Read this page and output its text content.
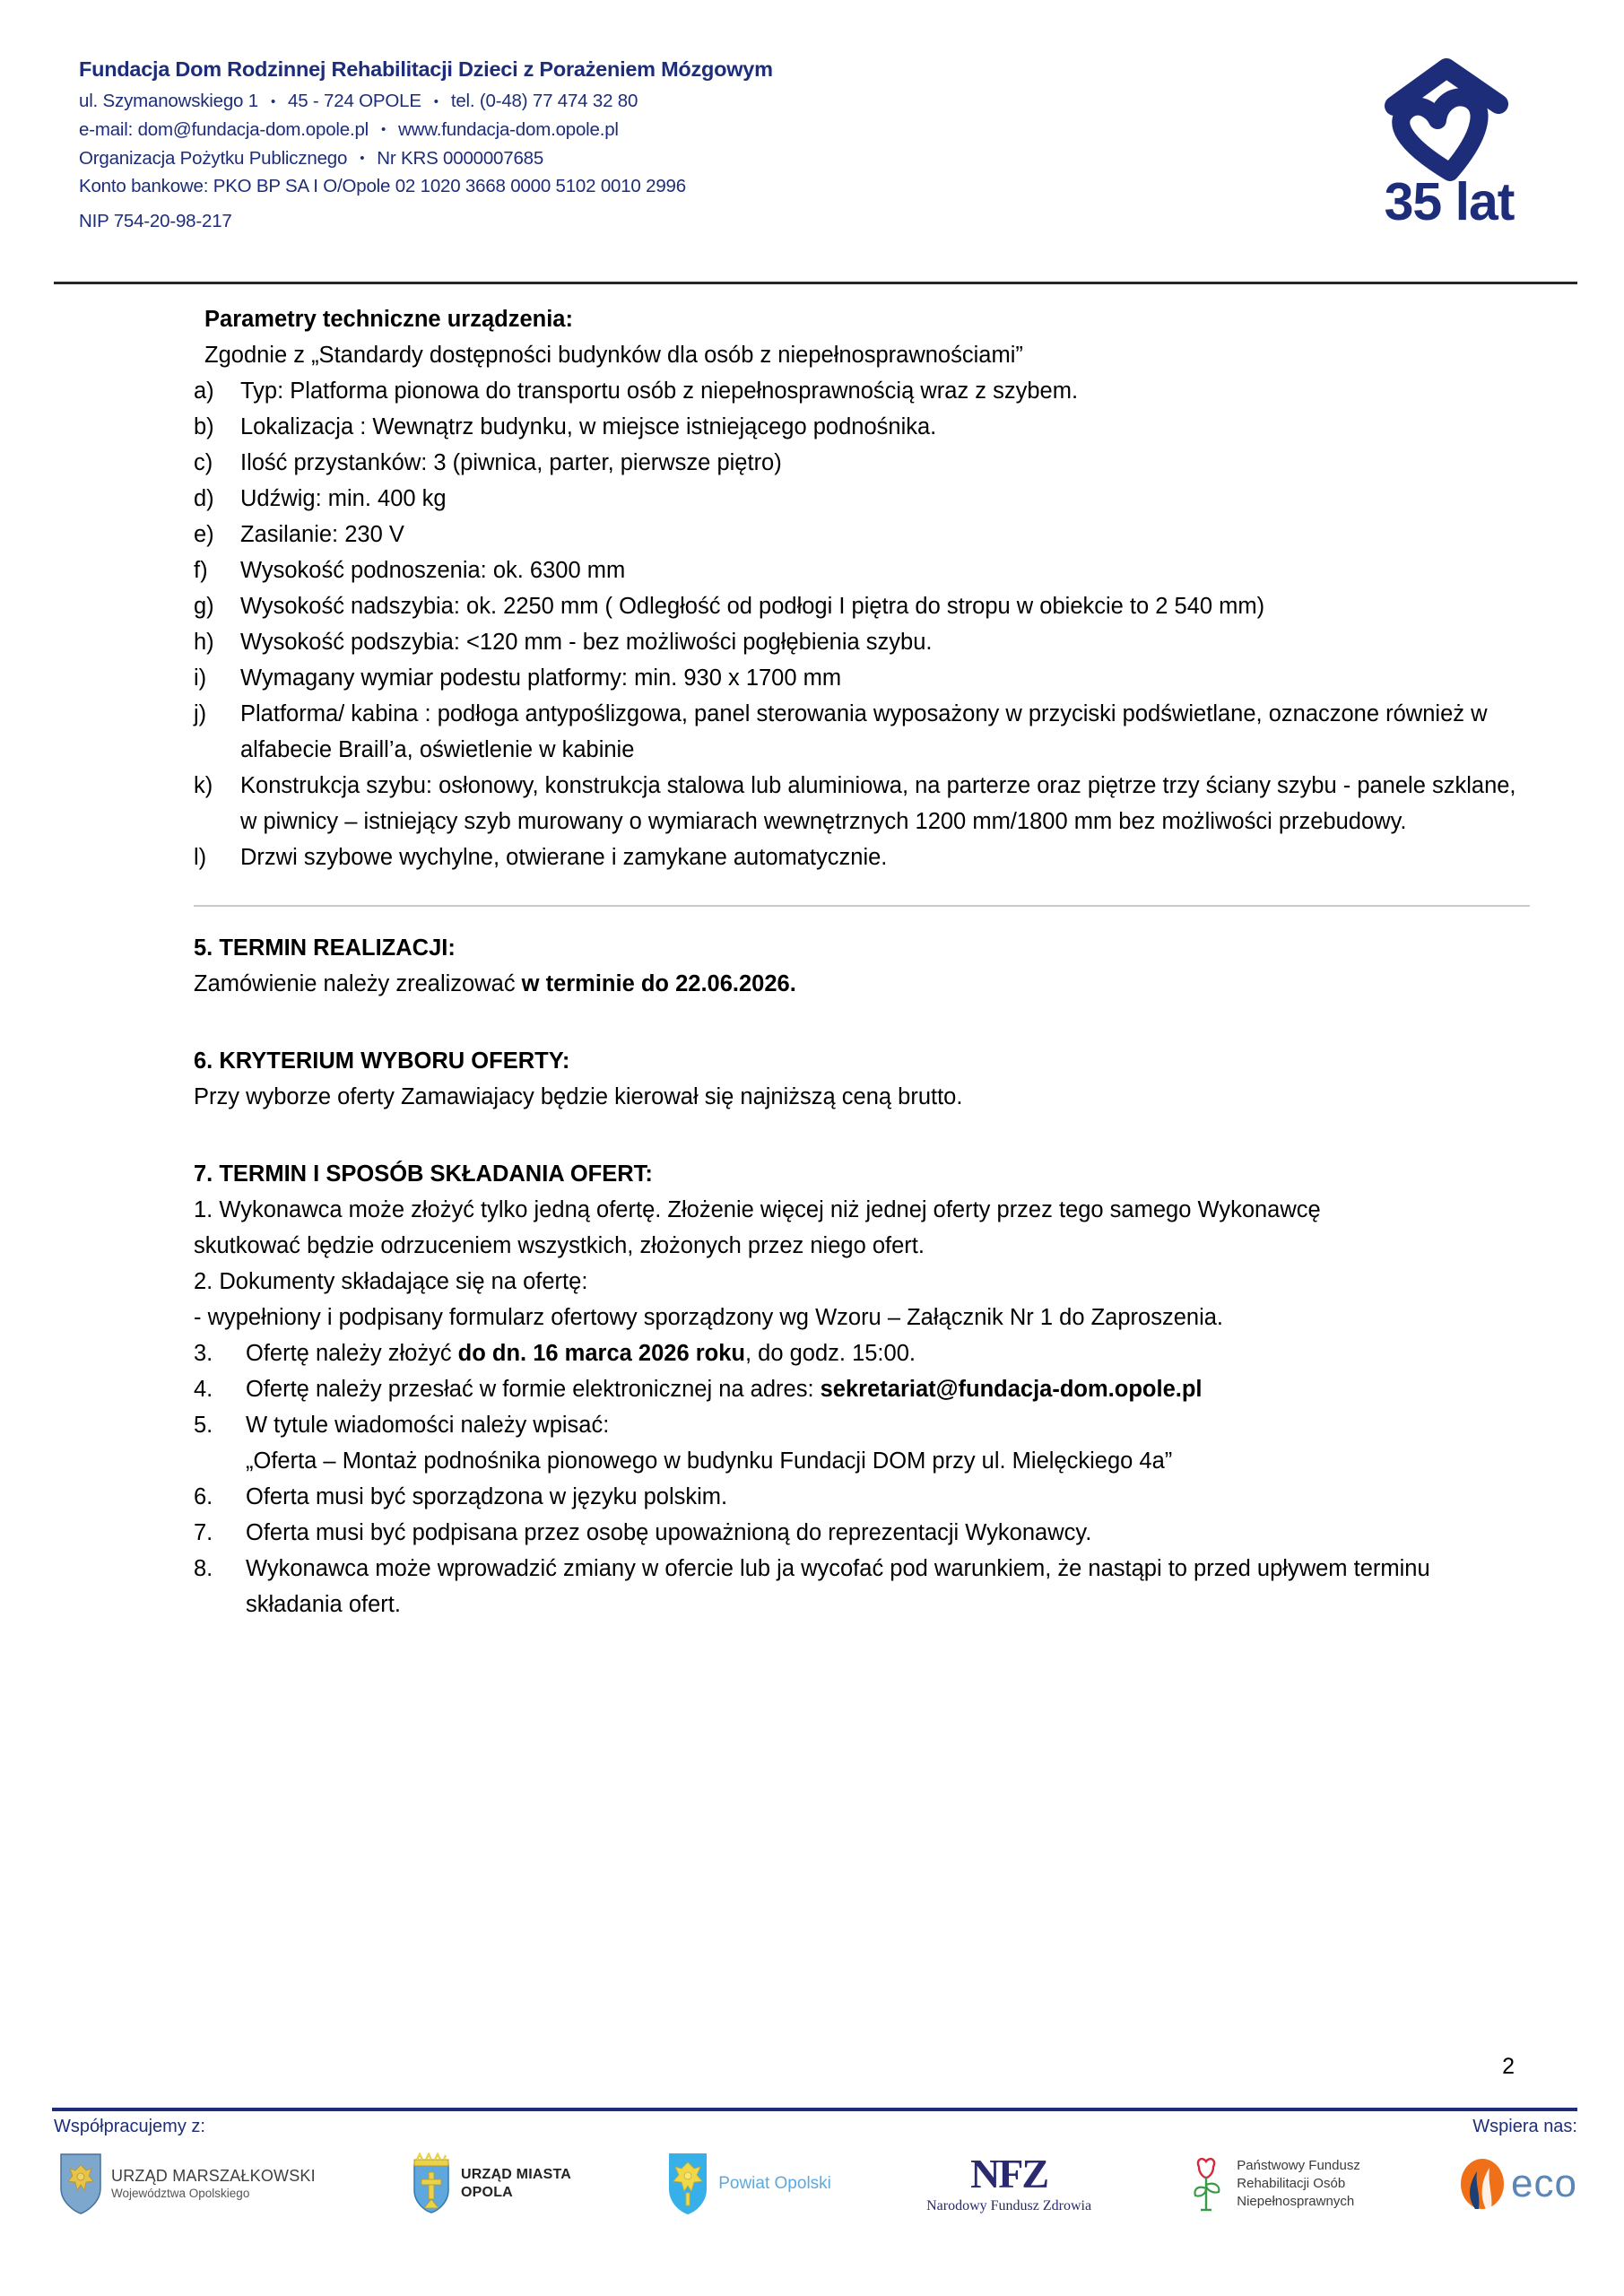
Fundacja Dom Rodzinnej Rehabilitacji Dzieci z Porażeniem Mózgowym
ul. Szymanowskiego 1 • 45 - 724 OPOLE • tel. (0-48) 77 474 32 80
e-mail: dom@fundacja-dom.opole.pl • www.fundacja-dom.opole.pl
Organizacja Pożytku Publicznego • Nr KRS 0000007685
Konto bankowe: PKO BP SA I O/Opole 02 1020 3668 0000 5102 0010 2996
NIP 754-20-98-217	35 lat
Parametry techniczne urządzenia:
Zgodnie z „Standardy dostępności budynków dla osób z niepełnosprawnościami”
a)	Typ: Platforma pionowa do transportu osób z niepełnosprawnością wraz z szybem.
b)	Lokalizacja : Wewnątrz budynku, w miejsce istniejącego podnośnika.
c)	Ilość przystanków: 3 (piwnica, parter, pierwsze piętro)
d)	Udźwig: min. 400 kg
e)	Zasilanie: 230 V
f)	Wysokość podnoszenia: ok. 6300 mm
g)	Wysokość nadszybia: ok. 2250 mm ( Odległość od podłogi I piętra do stropu w obiekcie to 2 540 mm)
h)	Wysokość podszybia: <120 mm - bez możliwości pogłębienia szybu.
i)	Wymagany wymiar podestu platformy: min. 930 x 1700 mm
j)	Platforma/ kabina : podłoga antypoślizgowa, panel sterowania wyposażony w przyciski podświetlane, oznaczone również w alfabecie Braill’a, oświetlenie w kabinie
k)	Konstrukcja szybu: osłonowy, konstrukcja stalowa lub aluminiowa, na parterze oraz piętrze trzy ściany szybu - panele szklane, w piwnicy – istniejący szyb murowany o wymiarach wewnętrznych 1200 mm/1800 mm bez możliwości przebudowy.
l)	Drzwi szybowe wychylne, otwierane i zamykane automatycznie.
5. TERMIN REALIZACJI:
Zamówienie należy zrealizować w terminie do 22.06.2026.
6. KRYTERIUM WYBORU OFERTY:
Przy wyborze oferty Zamawiajacy będzie kierował się najniższą ceną brutto.
7. TERMIN I SPOSÓB SKŁADANIA OFERT:
1. Wykonawca może złożyć tylko jedną ofertę. Złożenie więcej niż jednej oferty przez tego samego Wykonawcę skutkować będzie odrzuceniem wszystkich, złożonych przez niego ofert.
2. Dokumenty składające się na ofertę:
- wypełniony i podpisany formularz ofertowy sporządzony wg Wzoru – Załącznik Nr 1 do Zaproszenia.
3.	Ofertę należy złożyć do dn. 16 marca 2026 roku, do godz. 15:00.
4.	Ofertę należy przesłać w formie elektronicznej na adres: sekretariat@fundacja-dom.opole.pl
5.	W tytule wiadomości należy wpisać:
„Oferta – Montaż podnośnika pionowego w budynku Fundacji DOM przy ul. Mielęckiego 4a”
6.	Oferta musi być sporządzona w języku polskim.
7.	Oferta musi być podpisana przez osobę upoważnioną do reprezentacji Wykonawcy.
8.	Wykonawca może wprowadzić zmiany w ofercie lub ja wycofać pod warunkiem, że nastąpi to przed upływem terminu składania ofert.
2
Współpracujemy z:	Wspiera nas:
URZĄD MARSZAŁKOWSKI
Województwa Opolskiego
URZĄD MIASTA
OPOLA	Powiat Opolski	NFZ
Narodowy Fundusz Zdrowia
Państwowy Fundusz
Rehabilitacji Osób
Niepełnosprawnych	eco
